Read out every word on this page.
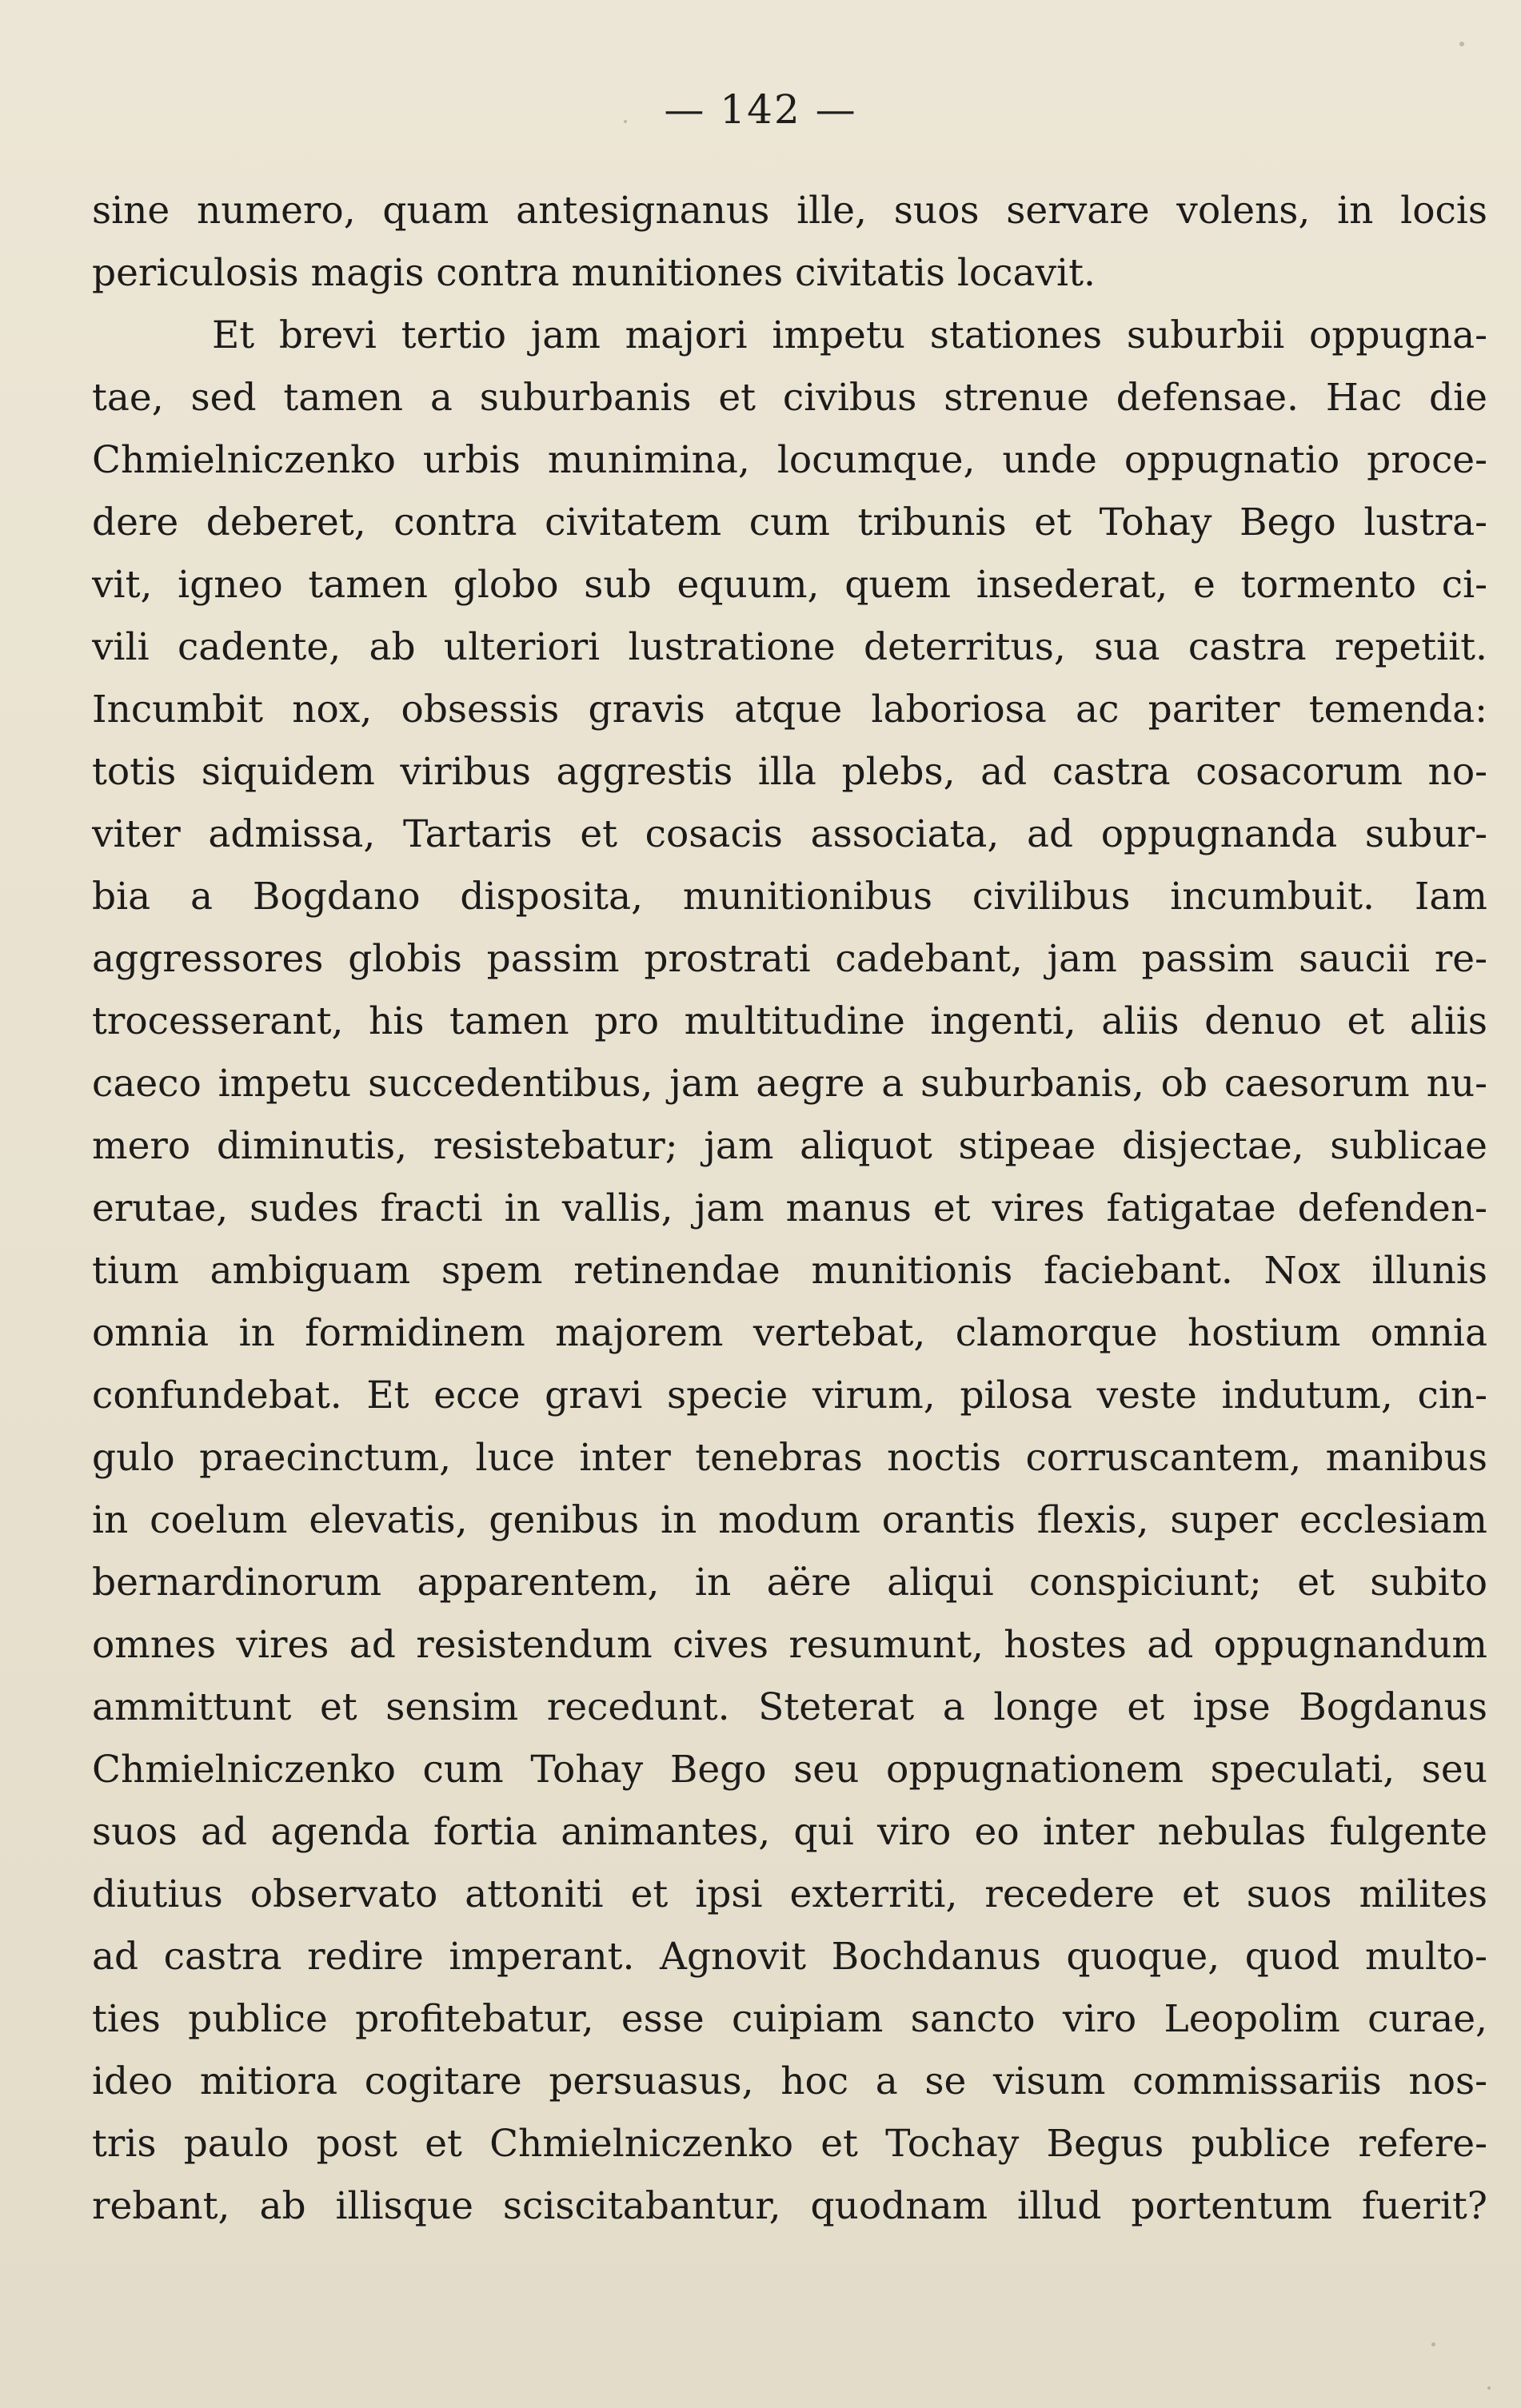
— 142 —
sine numero, quam antesignanus ille, suos servare volens, in locis
periculosis magis contra munitiones civitatis locavit.
Et brevi tertio jam majori impetu stationes suburbii oppugna-
tae, sed tamen a suburbanis et civibus strenue defensae. Hac die
Chmielniczenko urbis munimina, locumque, unde oppugnatio proce-
dere deberet, contra civitatem cum tribunis et Tohay Bego lustra-
vit, igneo tamen globo sub equum, quem insederat, e tormento ci-
vili cadente, ab ulteriori lustratione deterritus, sua castra repetiit.
Incumbit nox, obsessis gravis atque laboriosa ac pariter temenda:
totis siquidem viribus aggrestis illa plebs, ad castra cosacorum no-
viter admissa, Tartaris et cosacis associata, ad oppugnanda subur-
bia a Bogdano disposita, munitionibus civilibus incumbuit. Iam
aggressores globis passim prostrati cadebant, jam passim saucii re-
trocesserant, his tamen pro multitudine ingenti, aliis denuo et aliis
caeco impetu succedentibus, jam aegre a suburbanis, ob caesorum nu-
mero diminutis, resistebatur; jam aliquot stipeae disjectae, sublicae
erutae, sudes fracti in vallis, jam manus et vires fatigatae defenden-
tium ambiguam spem retinendae munitionis faciebant. Nox illunis
omnia in formidinem majorem vertebat, clamorque hostium omnia
confundebat. Et ecce gravi specie virum, pilosa veste indutum, cin-
gulo praecinctum, luce inter tenebras noctis corruscantem, manibus
in coelum elevatis, genibus in modum orantis flexis, super ecclesiam
bernardinorum apparentem, in aëre aliqui conspiciunt; et subito
omnes vires ad resistendum cives resumunt, hostes ad oppugnandum
ammittunt et sensim recedunt. Steterat a longe et ipse Bogdanus
Chmielniczenko cum Tohay Bego seu oppugnationem speculati, seu
suos ad agenda fortia animantes, qui viro eo inter nebulas fulgente
diutius observato attoniti et ipsi exterriti, recedere et suos milites
ad castra redire imperant. Agnovit Bochdanus quoque, quod multo-
ties publice profitebatur, esse cuipiam sancto viro Leopolim curae,
ideo mitiora cogitare persuasus, hoc a se visum commissariis nos-
tris paulo post et Chmielniczenko et Tochay Begus publice refere-
rebant, ab illisque sciscitabantur, quodnam illud portentum fuerit?
